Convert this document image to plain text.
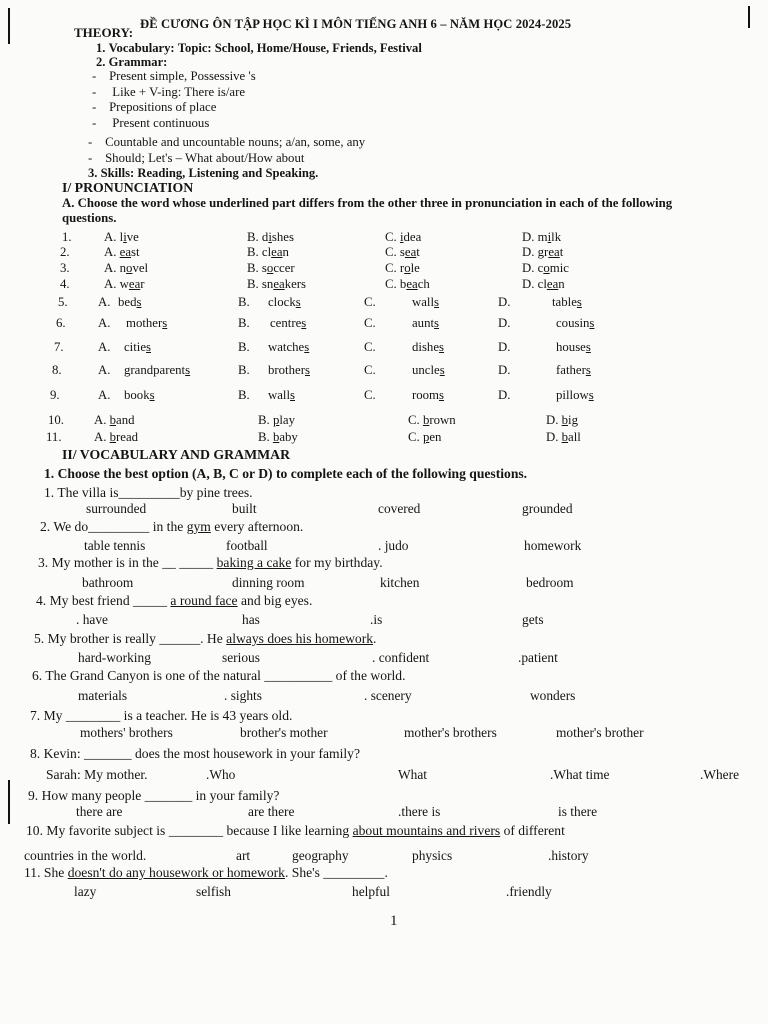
ĐỀ CƯƠNG ÔN TẬP HỌC KÌ I MÔN TIẾNG ANH 6 – NĂM HỌC 2024-2025
THEORY:
1. Vocabulary: Topic: School, Home/House, Friends, Festival
2. Grammar:
-    Present simple, Possessive 's
-     Like + V-ing: There is/are
-    Prepositions of place
-     Present continuous
-    Countable and uncountable nouns; a/an, some, any
-    Should; Let's – What about/How about
3. Skills: Reading, Listening and Speaking.
I/ PRONUNCIATION
A. Choose the word whose underlined part differs from the other three in pronunciation in each of the following questions.
1.	A. live	B. dishes	C. idea	D. milk
2.	A. east	B. clean	C. seat	D. great
3.	A. novel	B. soccer	C. role	D. comic
4.	A. wear	B. sneakers	C. beach	D. clean
5. A. beds	B. clocks	C.	walls	D.	tables
6.	A. mothers	B. centres	C.	aunts	D.	cousins
7.	A. cities	B. watches	C.	dishes	D.	houses
8.	A. grandparents	B. brothers	C.	uncles	D.	fathers
9.	A. books	B. walls	C.	rooms	D.	pillows
10. A. band	B. play	C. brown	D. big
11.	A. bread	B. baby	C. pen	D. ball
II/ VOCABULARY AND GRAMMAR
1. Choose the best option (A, B, C or D) to complete each of the following questions.
1. The villa is_________by pine trees.
surrounded	built	covered	grounded
2. We do_________ in the gym every afternoon.
table tennis	football	. judo	homework
3. My mother is in the __ _____ baking a cake for my birthday.
bathroom	dinning room	kitchen	bedroom
4. My best friend _____ a round face and big eyes.
. have	has	.is	gets
5. My brother is really ______. He always does his homework.
hard-working	serious	. confident	.patient
6. The Grand Canyon is one of the natural __________ of the world.
materials	. sights	. scenery	wonders
7. My ________ is a teacher. He is 43 years old.
mothers' brothers	brother's mother	mother's brothers	mother's brother
8. Kevin: _______ does the most housework in your family?
Sarah: My mother.	.Who	What	.What time	.Where
9. How many people _______ in your family?
there are	are there	.there is	is there
10. My favorite subject is ________ because I like learning about mountains and rivers of different
countries in the world.	art	geography	physics	.history
11. She doesn't do any housework or homework. She's _________.
lazy	selfish	helpful	.friendly
1
